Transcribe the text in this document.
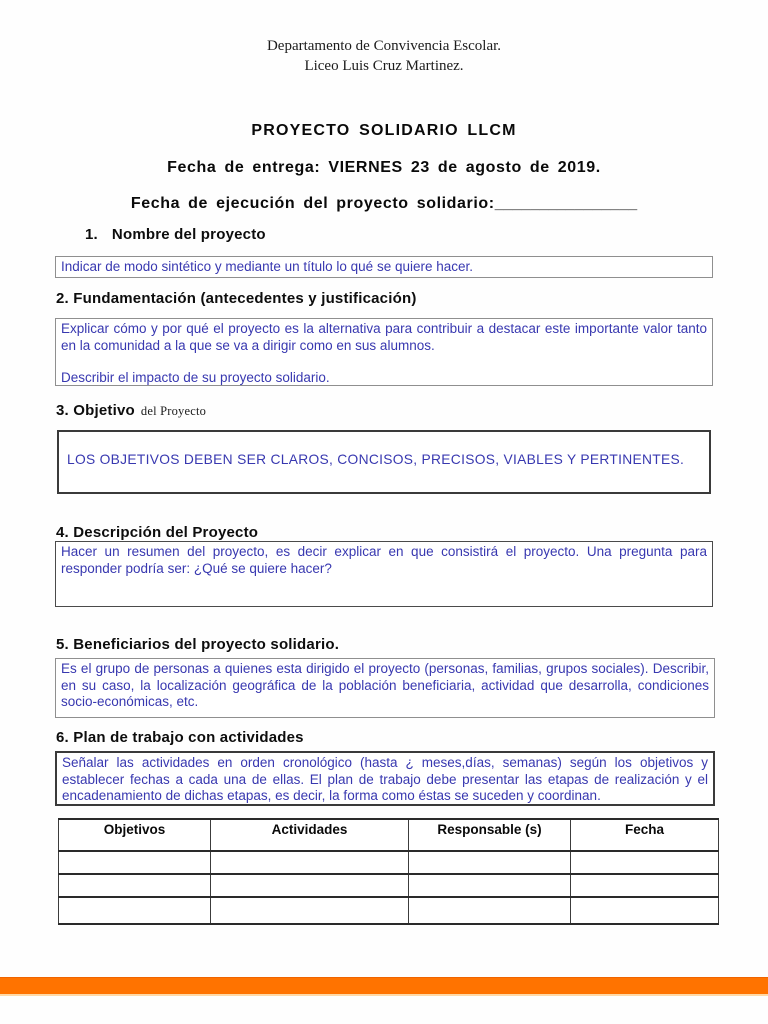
Departamento de Convivencia Escolar.
Liceo Luis Cruz Martinez.
PROYECTO SOLIDARIO LLCM
Fecha de entrega: VIERNES 23 de agosto de 2019.
Fecha de ejecución del proyecto solidario:________________
1. Nombre del proyecto

Indicar de modo sintético y mediante un título lo qué se quiere hacer.

2. Fundamentación (antecedentes y justificación)

Explicar cómo y por qué el proyecto es la alternativa para contribuir a destacar este importante valor tanto en la comunidad a la que se va a dirigir como en sus alumnos.

Describir el impacto de su proyecto solidario.

3. Objetivo del Proyecto

LOS OBJETIVOS DEBEN SER CLAROS, CONCISOS, PRECISOS, VIABLES Y PERTINENTES.

4. Descripción del Proyecto

Hacer un resumen del proyecto, es decir explicar en que consistirá el proyecto. Una pregunta para responder podría ser: ¿Qué se quiere hacer?

5. Beneficiarios del proyecto solidario.

Es el grupo de personas a quienes esta dirigido el proyecto (personas, familias, grupos sociales). Describir, en su caso, la localización geográfica de la población beneficiaria, actividad que desarrolla, condiciones socio-económicas, etc.

6. Plan de trabajo con actividades

Señalar las actividades en orden cronológico (hasta ¿ meses,días, semanas) según los objetivos y establecer fechas a cada una de ellas. El plan de trabajo debe presentar las etapas de realización y el encadenamiento de dichas etapas, es decir, la forma como éstas se suceden y coordinan.

Objetivos	Actividades	Responsable (s)	Fecha
